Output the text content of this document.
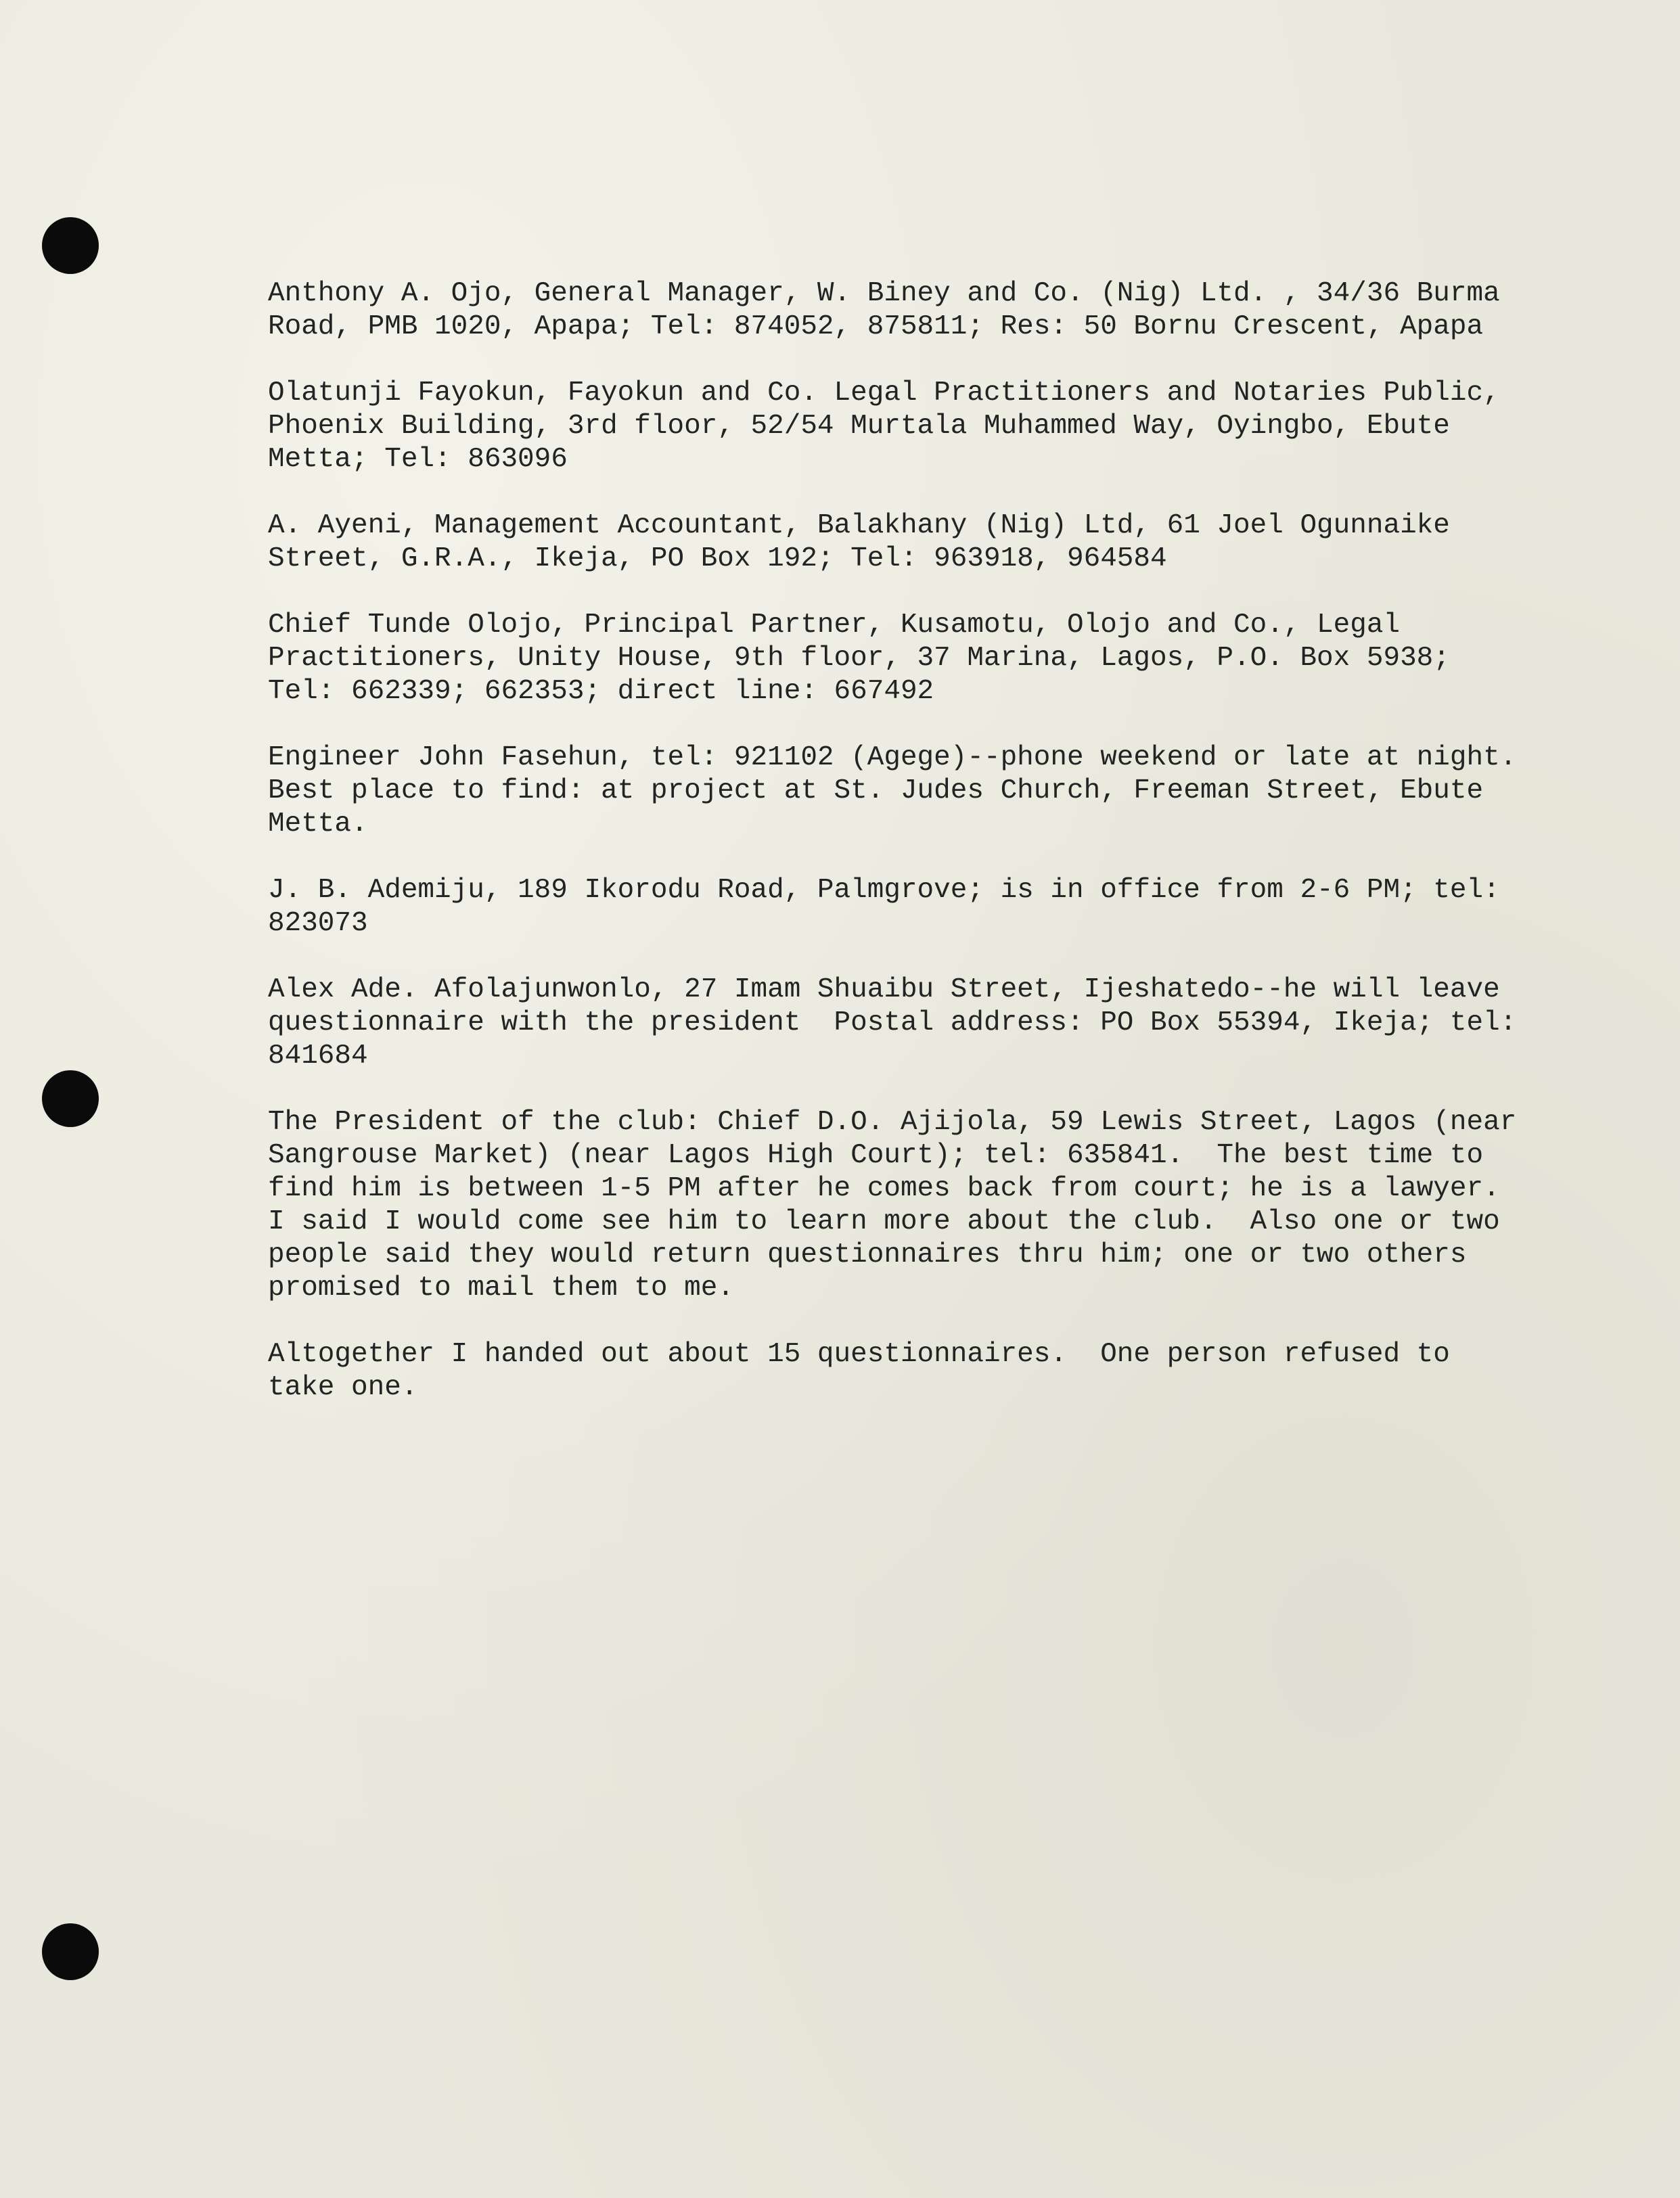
Anthony A. Ojo, General Manager, W. Biney and Co. (Nig) Ltd. , 34/36 Burma
Road, PMB 1020, Apapa; Tel: 874052, 875811; Res: 50 Bornu Crescent, Apapa

Olatunji Fayokun, Fayokun and Co. Legal Practitioners and Notaries Public,
Phoenix Building, 3rd floor, 52/54 Murtala Muhammed Way, Oyingbo, Ebute
Metta; Tel: 863096

A. Ayeni, Management Accountant, Balakhany (Nig) Ltd, 61 Joel Ogunnaike
Street, G.R.A., Ikeja, PO Box 192; Tel: 963918, 964584

Chief Tunde Olojo, Principal Partner, Kusamotu, Olojo and Co., Legal
Practitioners, Unity House, 9th floor, 37 Marina, Lagos, P.O. Box 5938;
Tel: 662339; 662353; direct line: 667492

Engineer John Fasehun, tel: 921102 (Agege)--phone weekend or late at night.
Best place to find: at project at St. Judes Church, Freeman Street, Ebute
Metta.

J. B. Ademiju, 189 Ikorodu Road, Palmgrove; is in office from 2-6 PM; tel:
823073

Alex Ade. Afolajunwonlo, 27 Imam Shuaibu Street, Ijeshatedo--he will leave
questionnaire with the president  Postal address: PO Box 55394, Ikeja; tel:
841684

The President of the club: Chief D.O. Ajijola, 59 Lewis Street, Lagos (near
Sangrouse Market) (near Lagos High Court); tel: 635841.  The best time to
find him is between 1-5 PM after he comes back from court; he is a lawyer.
I said I would come see him to learn more about the club.  Also one or two
people said they would return questionnaires thru him; one or two others
promised to mail them to me.

Altogether I handed out about 15 questionnaires.  One person refused to
take one.
